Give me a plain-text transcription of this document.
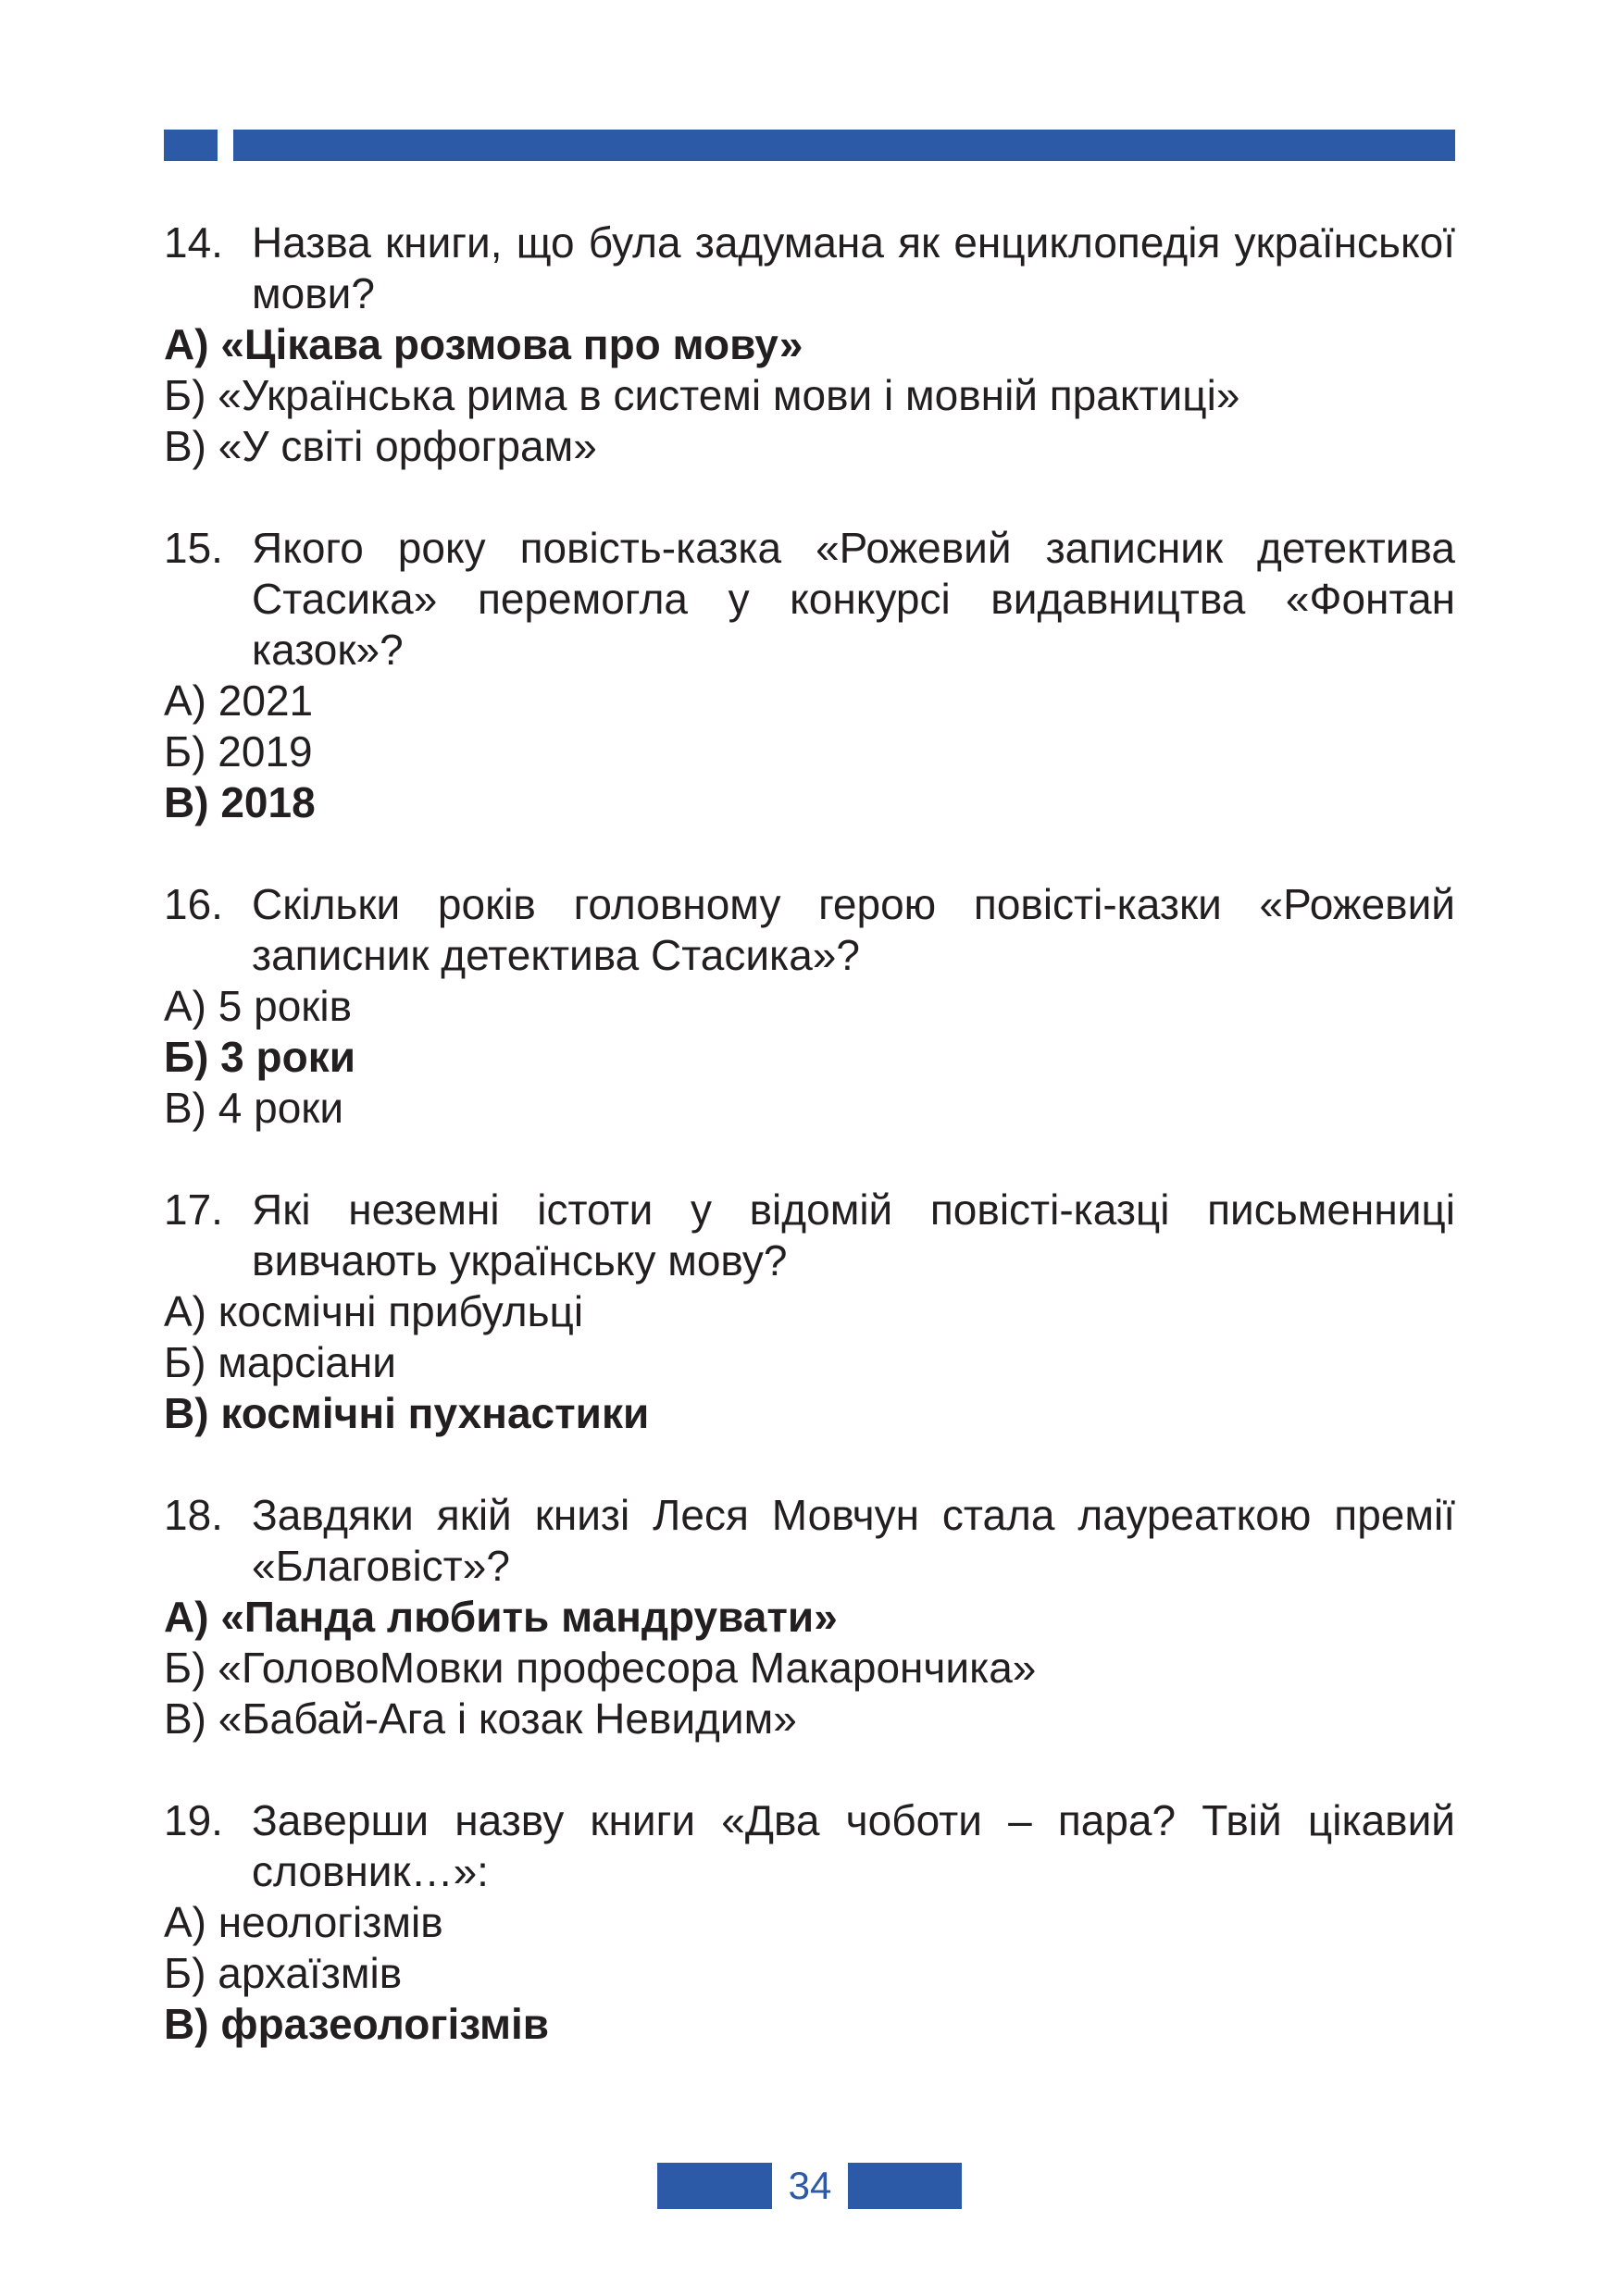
14. Назва книги, що була задумана як енциклопедія української мови?
А) «Цікава розмова про мову»
Б) «Українська рима в системі мови і мовній практиці»
В) «У світі орфограм»
15. Якого року повість-казка «Рожевий записник детектива Стасика» перемогла у конкурсі видавництва «Фонтан казок»?
А) 2021
Б) 2019
В) 2018
16. Скільки років головному герою повісті-казки «Рожевий записник детектива Стасика»?
А) 5 років
Б) 3 роки
В) 4 роки
17. Які неземні істоти у відомій повісті-казці письменниці вивчають українську мову?
А) космічні прибульці
Б) марсіани
В) космічні пухнастики
18. Завдяки якій книзі Леся Мовчун стала лауреаткою премії «Благовіст»?
А) «Панда любить мандрувати»
Б) «ГоловоМовки професора Макарончика»
В) «Бабай-Ага і козак Невидим»
19. Заверши назву книги «Два чоботи – пара? Твій цікавий словник…»:
А) неологізмів
Б) архаїзмів
В) фразеологізмів
34
